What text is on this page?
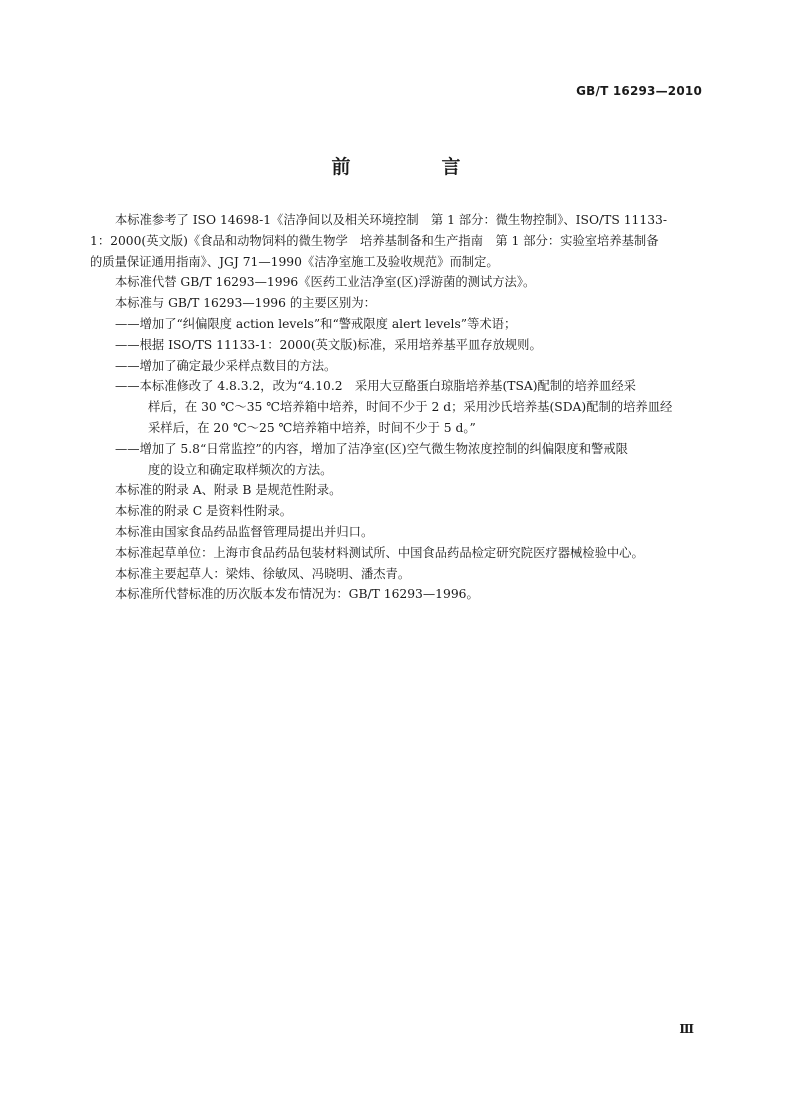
GB/T 16293—2010
前　言
本标准参考了 ISO 14698-1《洁净间以及相关环境控制　第 1 部分：微生物控制》、ISO/TS 11133-
1：2000(英文版)《食品和动物饲料的微生物学　培养基制备和生产指南　第 1 部分：实验室培养基制备
的质量保证通用指南》、JGJ 71—1990《洁净室施工及验收规范》而制定。
本标准代替 GB/T 16293—1996《医药工业洁净室(区)浮游菌的测试方法》。
本标准与 GB/T 16293—1996 的主要区别为：
——增加了“纠偏限度 action levels”和“警戒限度 alert levels”等术语；
——根据 ISO/TS 11133-1：2000(英文版)标准，采用培养基平皿存放规则。
——增加了确定最少采样点数目的方法。
——本标准修改了 4.8.3.2，改为“4.10.2　采用大豆酪蛋白琼脂培养基(TSA)配制的培养皿经采
样后，在 30 ℃～35 ℃培养箱中培养，时间不少于 2 d；采用沙氏培养基(SDA)配制的培养皿经
采样后，在 20 ℃～25 ℃培养箱中培养，时间不少于 5 d。”
——增加了 5.8“日常监控”的内容，增加了洁净室(区)空气微生物浓度控制的纠偏限度和警戒限
度的设立和确定取样频次的方法。
本标准的附录 A、附录 B 是规范性附录。
本标准的附录 C 是资料性附录。
本标准由国家食品药品监督管理局提出并归口。
本标准起草单位：上海市食品药品包装材料测试所、中国食品药品检定研究院医疗器械检验中心。
本标准主要起草人：梁炜、徐敏凤、冯晓明、潘杰青。
本标准所代替标准的历次版本发布情况为：GB/T 16293—1996。
Ⅲ
